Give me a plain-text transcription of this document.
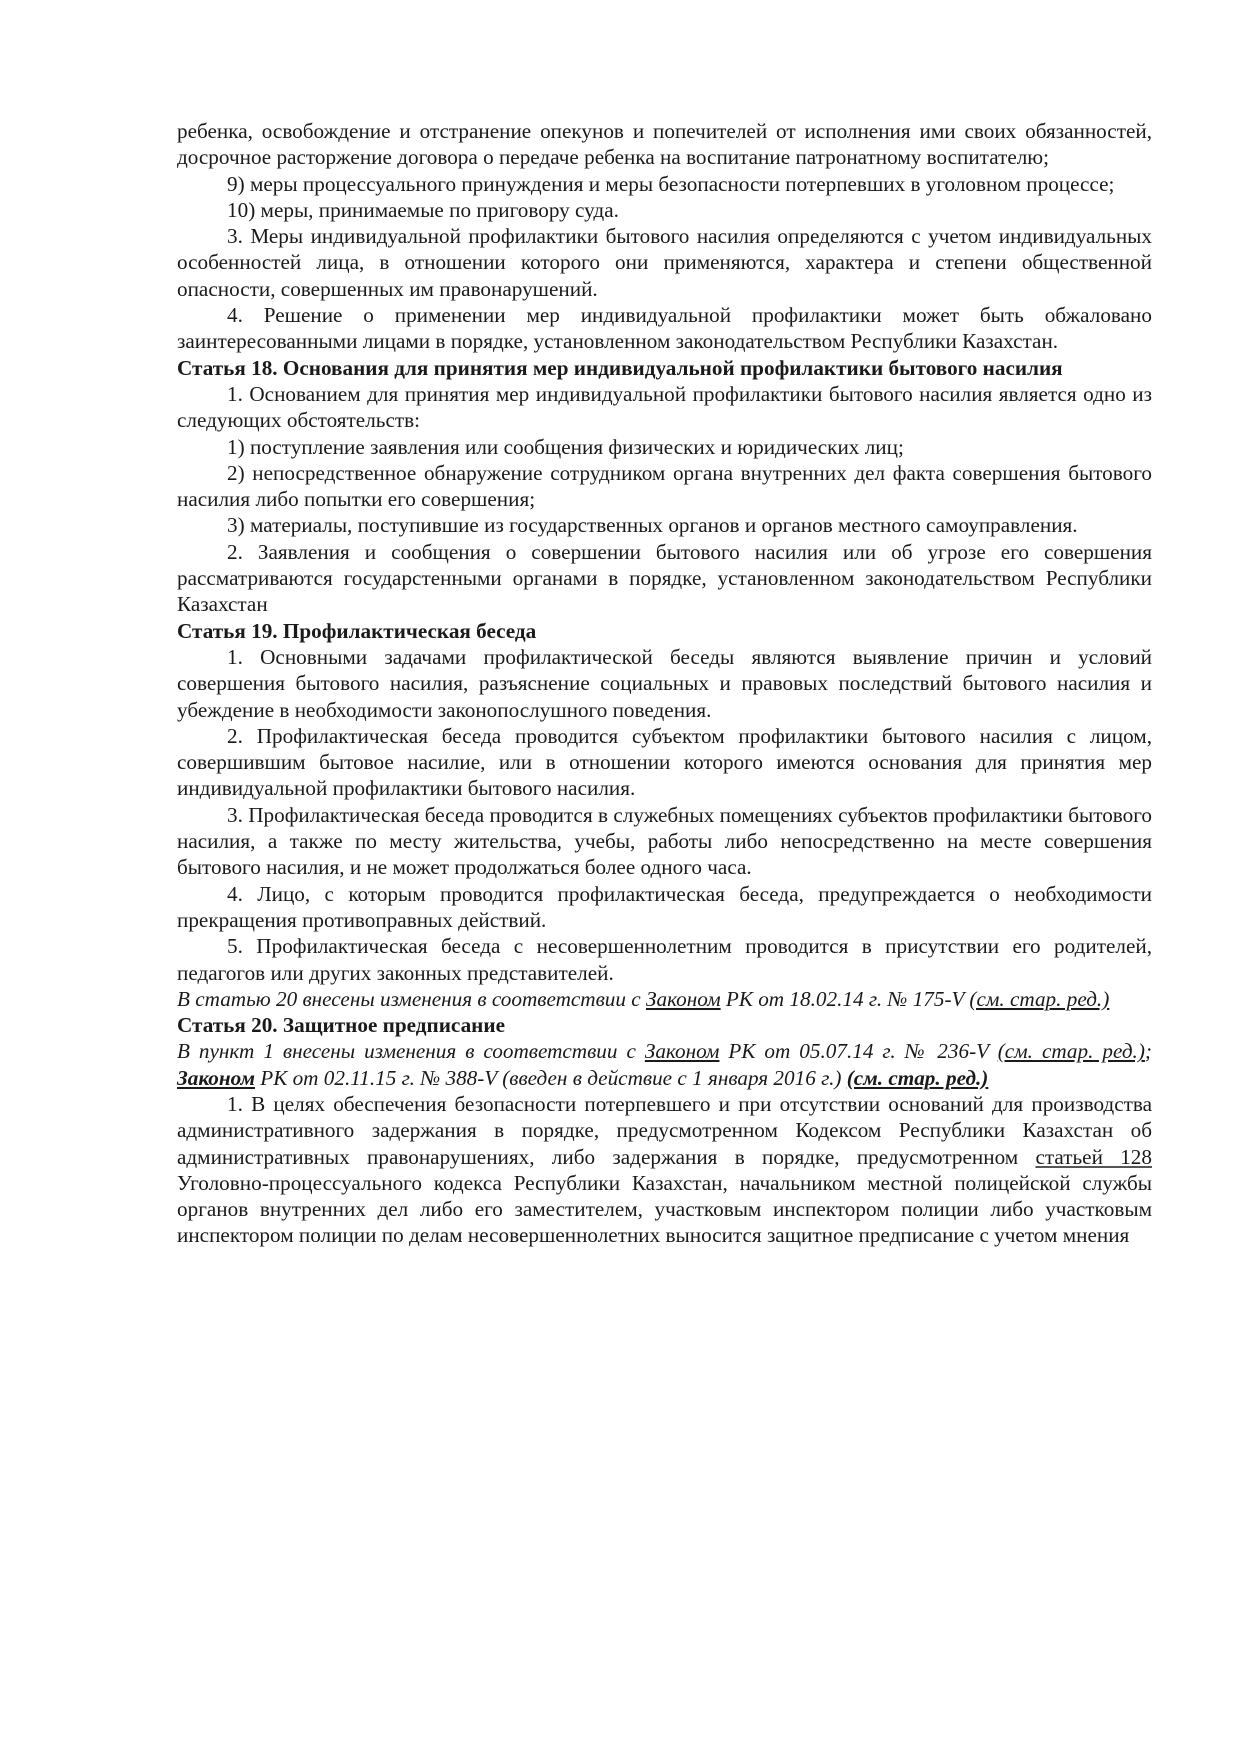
ребенка, освобождение и отстранение опекунов и попечителей от исполнения ими своих обязанностей, досрочное расторжение договора о передаче ребенка на воспитание патронатному воспитателю;

9) меры процессуального принуждения и меры безопасности потерпевших в уголовном процессе;

10) меры, принимаемые по приговору суда.

3. Меры индивидуальной профилактики бытового насилия определяются с учетом индивидуальных особенностей лица, в отношении которого они применяются, характера и степени общественной опасности, совершенных им правонарушений.

4. Решение о применении мер индивидуальной профилактики может быть обжаловано заинтересованными лицами в порядке, установленном законодательством Республики Казахстан.

Статья 18. Основания для принятия мер индивидуальной профилактики бытового насилия

1. Основанием для принятия мер индивидуальной профилактики бытового насилия является одно из следующих обстоятельств:

1) поступление заявления или сообщения физических и юридических лиц;

2) непосредственное обнаружение сотрудником органа внутренних дел факта совершения бытового насилия либо попытки его совершения;

3) материалы, поступившие из государственных органов и органов местного самоуправления.

2. Заявления и сообщения о совершении бытового насилия или об угрозе его совершения рассматриваются государстенными органами в порядке, установленном законодательством Республики Казахстан

Статья 19. Профилактическая беседа

1. Основными задачами профилактической беседы являются выявление причин и условий совершения бытового насилия, разъяснение социальных и правовых последствий бытового насилия и убеждение в необходимости законопослушного поведения.

2. Профилактическая беседа проводится субъектом профилактики бытового насилия с лицом, совершившим бытовое насилие, или в отношении которого имеются основания для принятия мер индивидуальной профилактики бытового насилия.

3. Профилактическая беседа проводится в служебных помещениях субъектов профилактики бытового насилия, а также по месту жительства, учебы, работы либо непосредственно на месте совершения бытового насилия, и не может продолжаться более одного часа.

4. Лицо, с которым проводится профилактическая беседа, предупреждается о необходимости прекращения противоправных действий.

5. Профилактическая беседа с несовершеннолетним проводится в присутствии его родителей, педагогов или других законных представителей.

В статью 20 внесены изменения в соответствии с Законом РК от 18.02.14 г. № 175-V (см. стар. ред.)

Статья 20. Защитное предписание

В пункт 1 внесены изменения в соответствии с Законом РК от 05.07.14 г. № 236-V (см. стар. ред.); Законом РК от 02.11.15 г. № 388-V (введен в действие с 1 января 2016 г.) (см. стар. ред.)

1. В целях обеспечения безопасности потерпевшего и при отсутствии оснований для производства административного задержания в порядке, предусмотренном Кодексом Республики Казахстан об административных правонарушениях, либо задержания в порядке, предусмотренном статьей 128 Уголовно-процессуального кодекса Республики Казахстан, начальником местной полицейской службы органов внутренних дел либо его заместителем, участковым инспектором полиции либо участковым инспектором полиции по делам несовершеннолетних выносится защитное предписание с учетом мнения
